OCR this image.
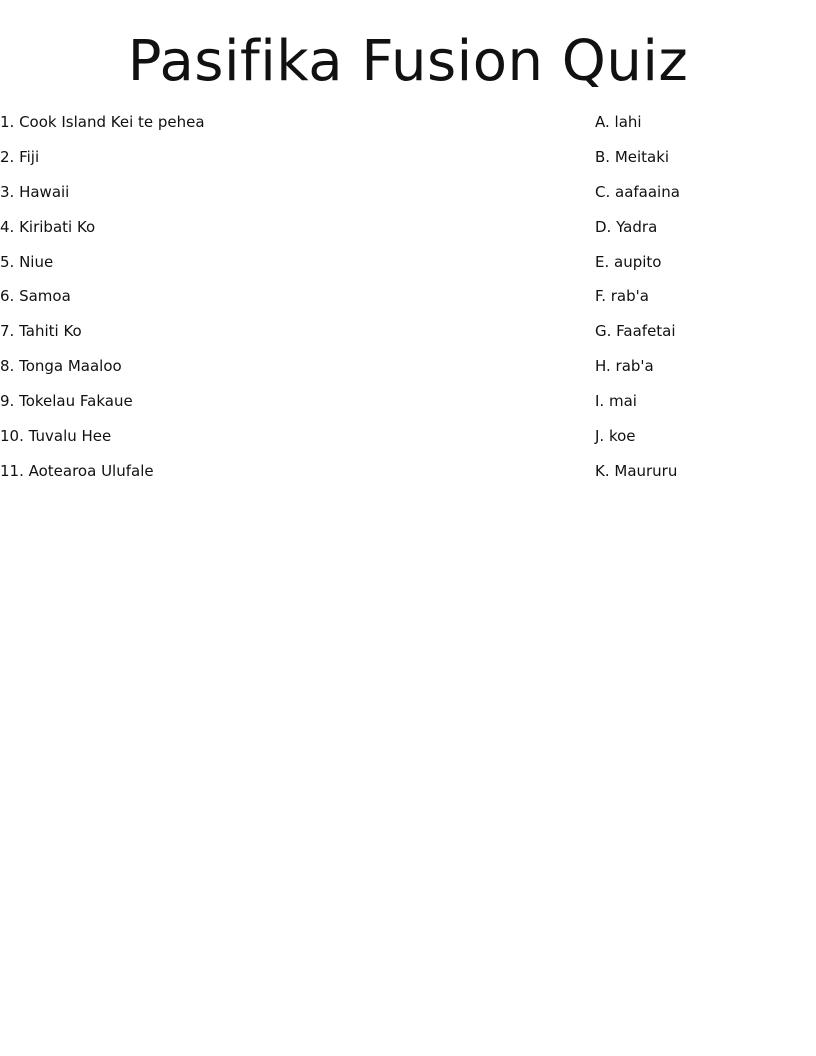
Pasifika Fusion Quiz
1. Cook Island Kei te pehea
2. Fiji
3. Hawaii
4. Kiribati Ko
5. Niue
6. Samoa
7. Tahiti Ko
8. Tonga Maaloo
9. Tokelau Fakaue
10. Tuvalu Hee
11. Aotearoa Ulufale
A. lahi
B. Meitaki
C. aafaaina
D. Yadra
E. aupito
F. rab'a
G. Faafetai
H. rab'a
I. mai
J. koe
K. Maururu
